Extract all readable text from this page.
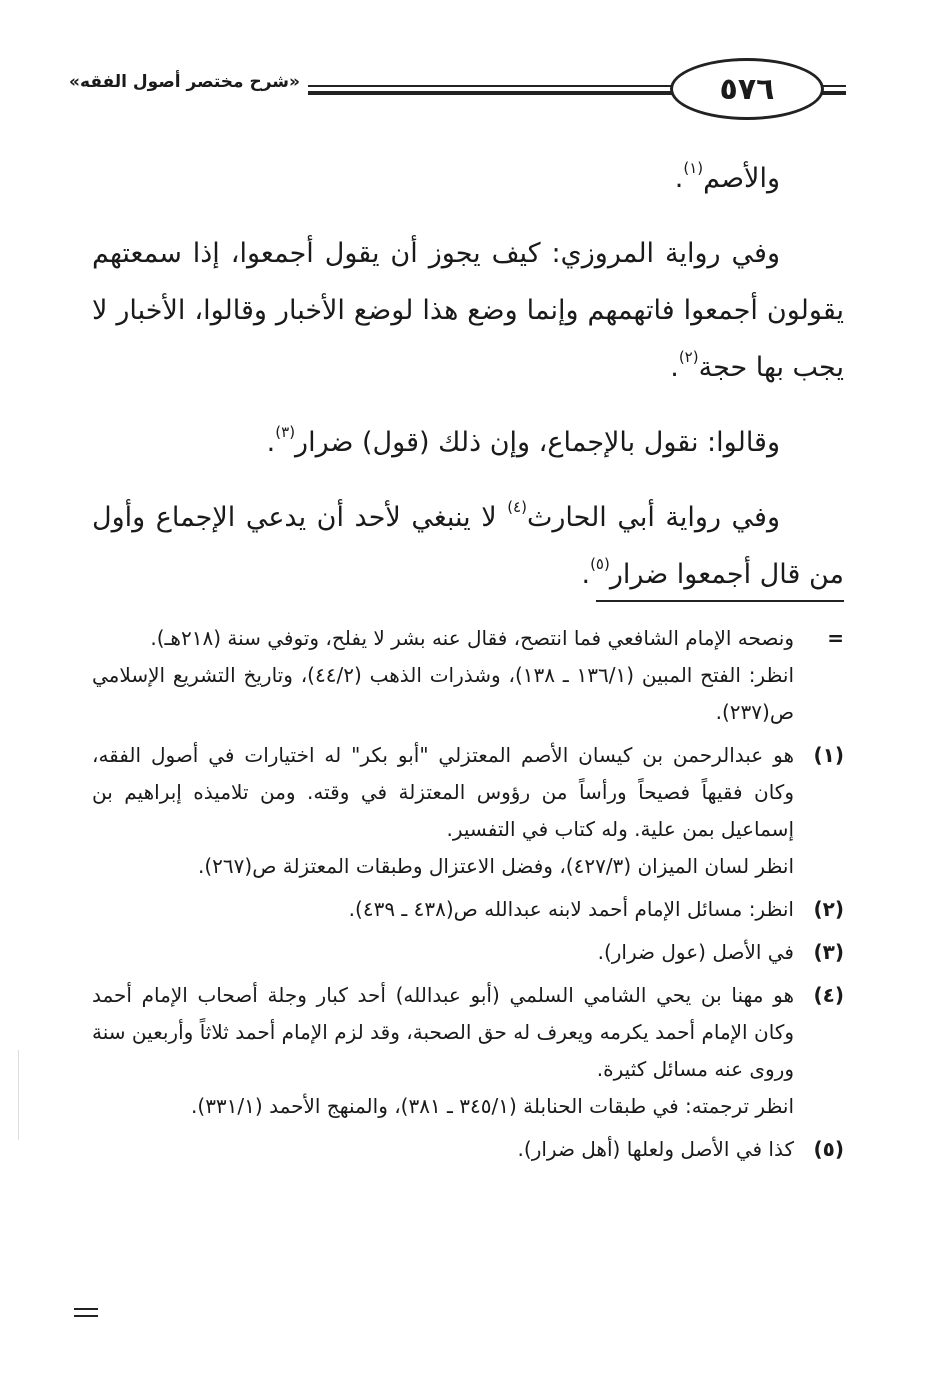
٥٧٦
«شرح مختصر أصول الفقه»

والأصم$^{(١)}$.

وفي رواية المروزي: كيف يجوز أن يقول أجمعوا، إذا سمعتهم يقولون أجمعوا فاتهمهم وإنما وضع هذا لوضع الأخبار وقالوا، الأخبار لا يجب بها حجة$^{(٢)}$.

وقالوا: نقول بالإجماع، وإن ذلك (قول) ضرار$^{(٣)}$.

وفي رواية أبي الحارث$^{(٤)}$ لا ينبغي لأحد أن يدعي الإجماع وأول من قال أجمعوا ضرار$^{(٥)}$.

=
ونصحه الإمام الشافعي فما انتصح، فقال عنه بشر لا يفلح، وتوفي سنة (٢١٨هـ).
انظر: الفتح المبين (١٣٦/١ ـ ١٣٨)، وشذرات الذهب (٤٤/٢)، وتاريخ التشريع الإسلامي ص(٢٣٧).
(١)
هو عبدالرحمن بن كيسان الأصم المعتزلي "أبو بكر" له اختيارات في أصول الفقه، وكان فقيهاً فصيحاً ورأساً من رؤوس المعتزلة في وقته. ومن تلاميذه إبراهيم بن إسماعيل بمن علية. وله كتاب في التفسير.
انظر لسان الميزان (٤٢٧/٣)، وفضل الاعتزال وطبقات المعتزلة ص(٢٦٧).
(٢)
انظر: مسائل الإمام أحمد لابنه عبدالله ص(٤٣٨ ـ ٤٣٩).
(٣)
في الأصل (عول ضرار).
(٤)
هو مهنا بن يحي الشامي السلمي (أبو عبدالله) أحد كبار وجلة أصحاب الإمام أحمد وكان الإمام أحمد يكرمه ويعرف له حق الصحبة، وقد لزم الإمام أحمد ثلاثاً وأربعين سنة وروى عنه مسائل كثيرة.
انظر ترجمته: في طبقات الحنابلة (٣٤٥/١ ـ ٣٨١)، والمنهج الأحمد (٣٣١/١).
(٥)
كذا في الأصل ولعلها (أهل ضرار).
